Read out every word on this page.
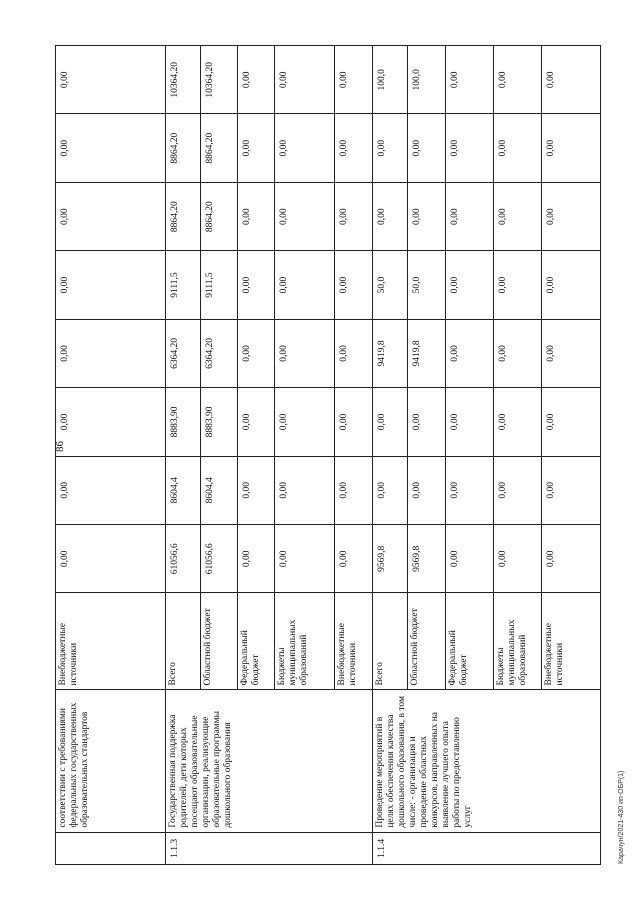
86
Карачун/2021-430 ип-ОБР(1)
	соответствии с требованиями федеральных государственных образовательных стандартов	Внебюджетные источники	0,00	0,00	0,00	0,00	0,00	0,00	0,00	0,00
1.1.3	Государственная поддержка родителей, дети которых посещают образовательные организации, реализующие образовательные программы дошкольного образования	Всего	61056,6	8604,4	8883,90	6364,20	9111,5	8864,20	8864,20	10364,20
		Областной бюджет	61056,6	8604,4	8883,90	6364,20	9111,5	8864,20	8864,20	10364,20
		Федеральный бюджет	0,00	0,00	0,00	0,00	0,00	0,00	0,00	0,00
		Бюджеты муниципальных образований	0,00	0,00	0,00	0,00	0,00	0,00	0,00	0,00
		Внебюджетные источники	0,00	0,00	0,00	0,00	0,00	0,00	0,00	0,00
1.1.4	Проведение мероприятий в целях обеспечения качества дошкольного образования, в том числе: - организация и проведение областных конкурсов, направленных на выявление лучшего опыта работы по предоставлению услуг	Всего	9569,8	0,00	0,00	9419,8	50,0	0,00	0,00	100,0
		Областной бюджет	9569,8	0,00	0,00	9419,8	50,0	0,00	0,00	100,0
		Федеральный бюджет	0,00	0,00	0,00	0,00	0,00	0,00	0,00	0,00
		Бюджеты муниципальных образований	0,00	0,00	0,00	0,00	0,00	0,00	0,00	0,00
		Внебюджетные источники	0,00	0,00	0,00	0,00	0,00	0,00	0,00	0,00
